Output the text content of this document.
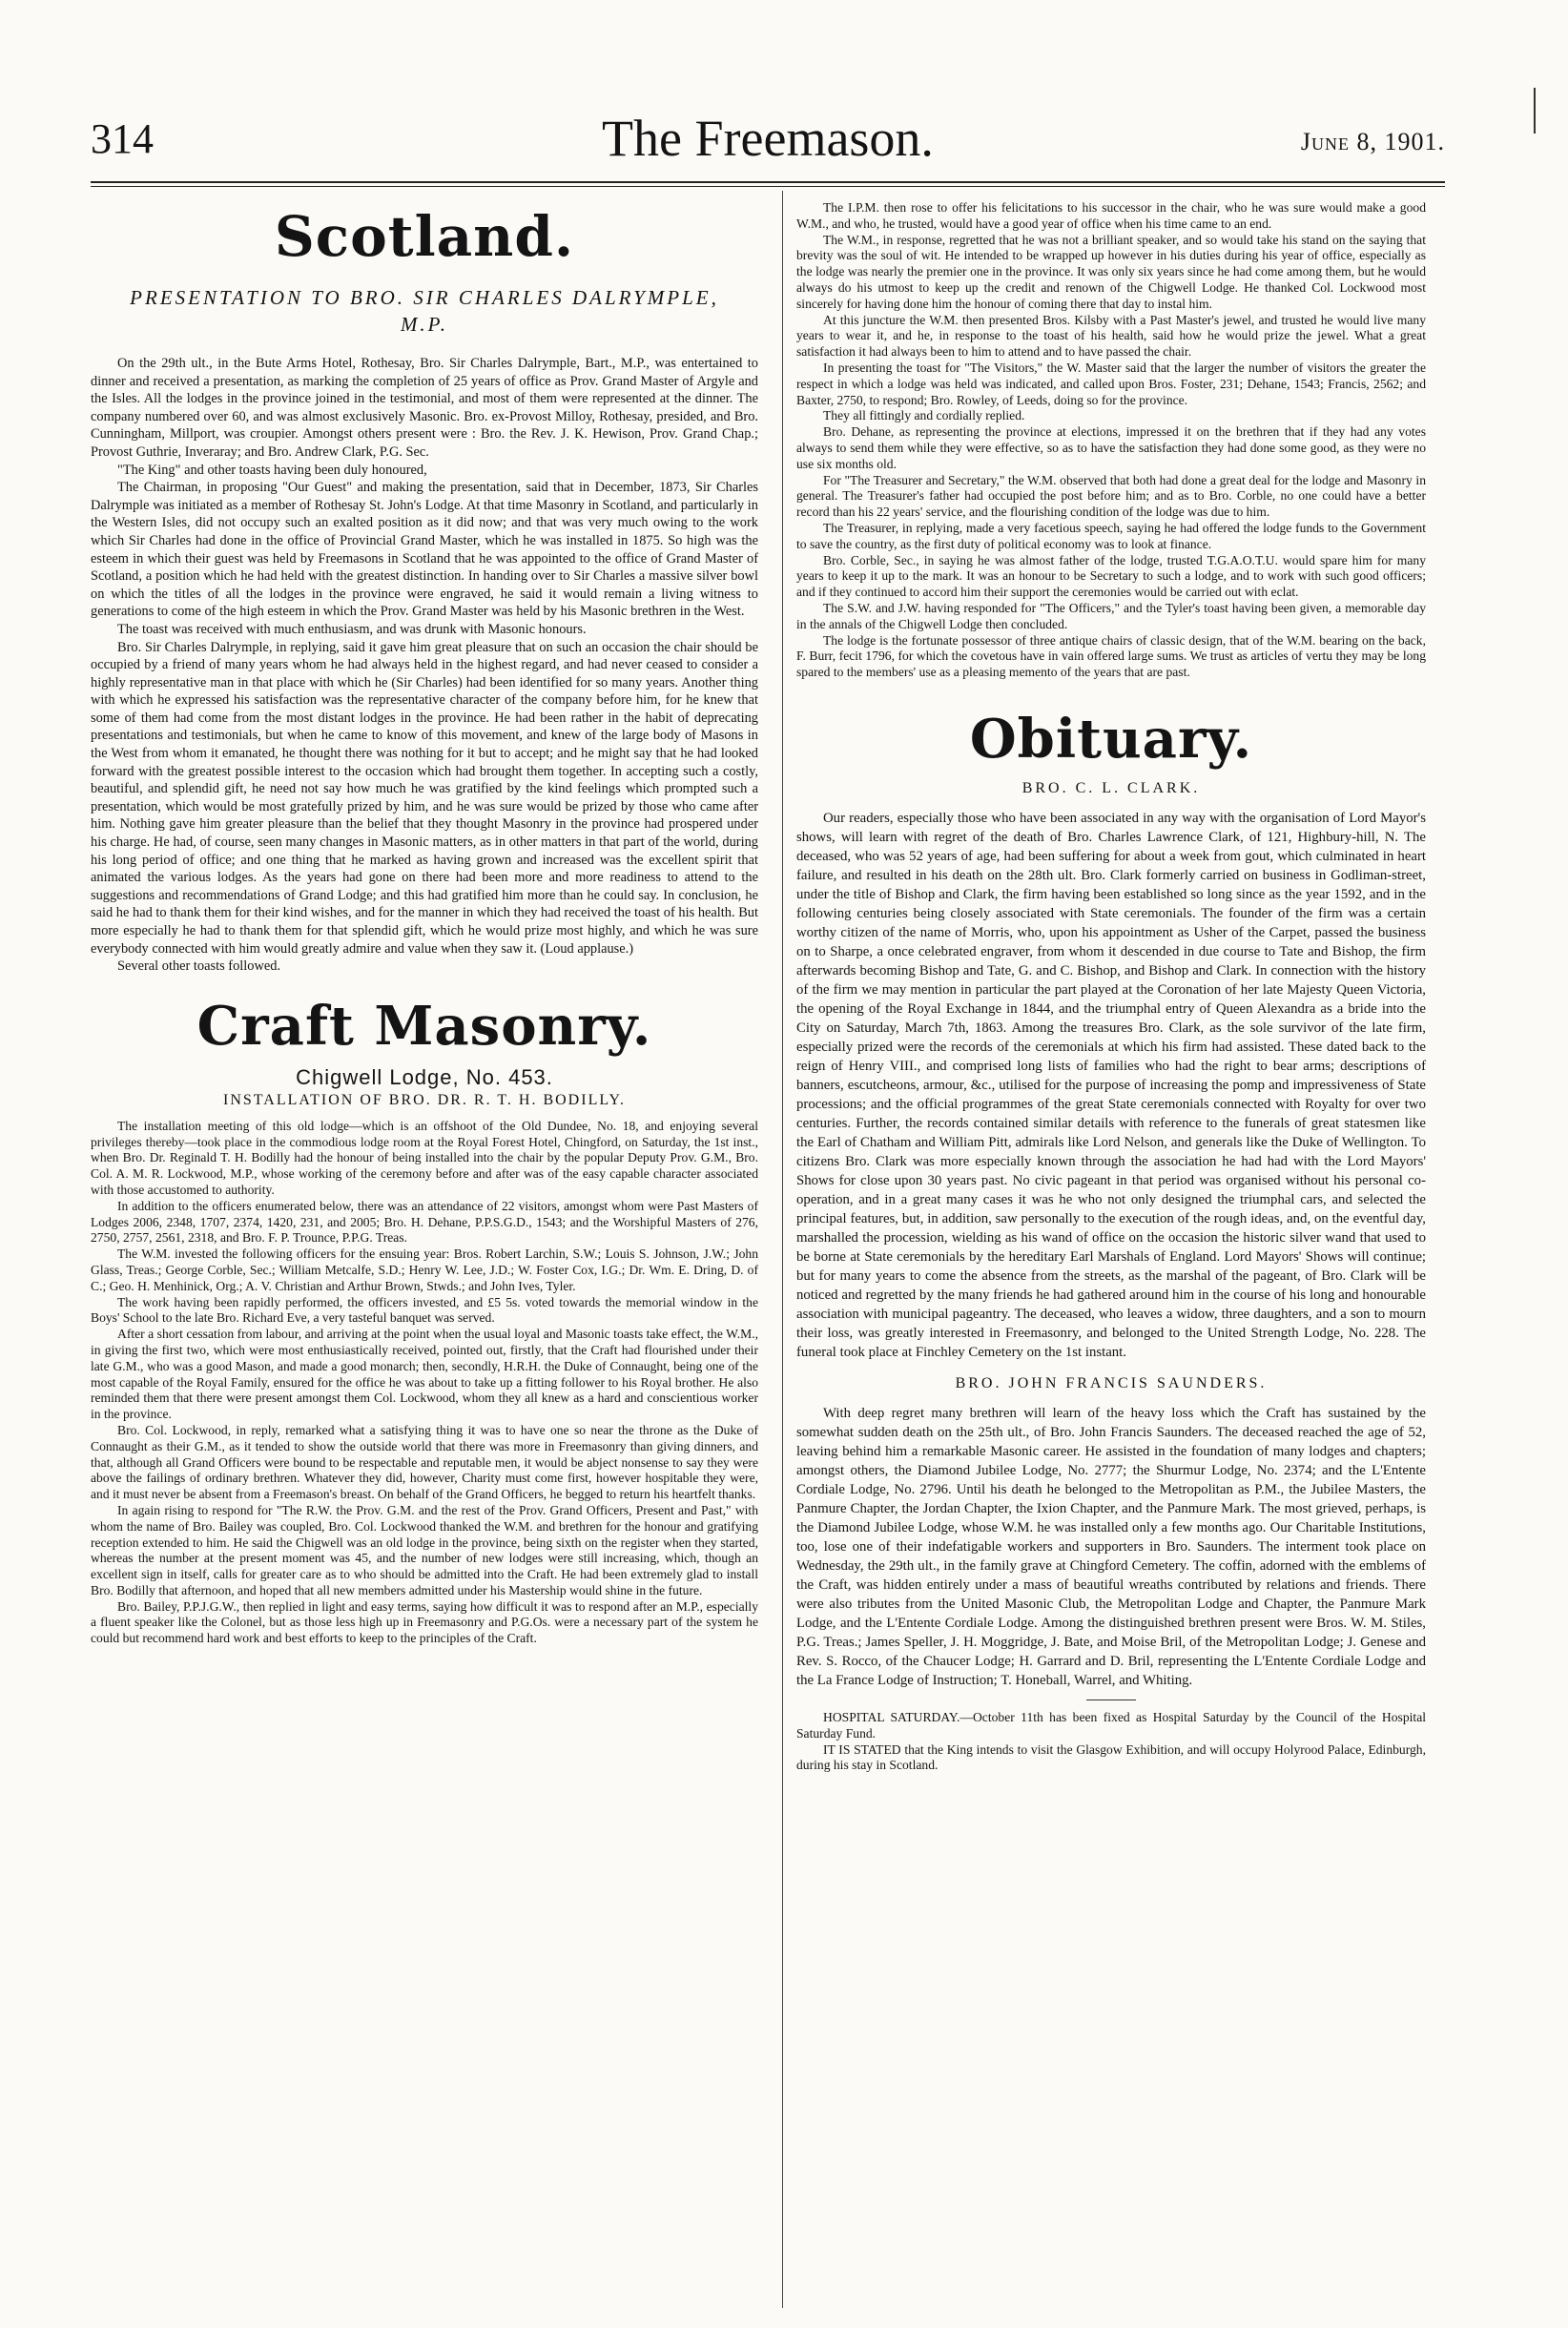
314	The Freemason.	June 8, 1901.
Scotland.
PRESENTATION TO BRO. SIR CHARLES DALRYMPLE, M.P.

On the 29th ult., in the Bute Arms Hotel, Rothesay, Bro. Sir Charles Dalrymple, Bart., M.P., was entertained to dinner and received a presentation, as marking the completion of 25 years of office as Prov. Grand Master of Argyle and the Isles. All the lodges in the province joined in the testimonial, and most of them were represented at the dinner. The company numbered over 60, and was almost exclusively Masonic. Bro. ex-Provost Milloy, Rothesay, presided, and Bro. Cunningham, Millport, was croupier. Amongst others present were : Bro. the Rev. J. K. Hewison, Prov. Grand Chap.; Provost Guthrie, Inveraray; and Bro. Andrew Clark, P.G. Sec.

"The King" and other toasts having been duly honoured,

The Chairman, in proposing "Our Guest" and making the presentation, said that in December, 1873, Sir Charles Dalrymple was initiated as a member of Rothesay St. John's Lodge. At that time Masonry in Scotland, and particularly in the Western Isles, did not occupy such an exalted position as it did now; and that was very much owing to the work which Sir Charles had done in the office of Provincial Grand Master, which he was installed in 1875. So high was the esteem in which their guest was held by Freemasons in Scotland that he was appointed to the office of Grand Master of Scotland, a position which he had held with the greatest distinction. In handing over to Sir Charles a massive silver bowl on which the titles of all the lodges in the province were engraved, he said it would remain a living witness to generations to come of the high esteem in which the Prov. Grand Master was held by his Masonic brethren in the West.

The toast was received with much enthusiasm, and was drunk with Masonic honours.

Bro. Sir Charles Dalrymple, in replying, said it gave him great pleasure that on such an occasion the chair should be occupied by a friend of many years whom he had always held in the highest regard, and had never ceased to consider a highly representative man in that place with which he (Sir Charles) had been identified for so many years. Another thing with which he expressed his satisfaction was the representative character of the company before him, for he knew that some of them had come from the most distant lodges in the province. He had been rather in the habit of deprecating presentations and testimonials, but when he came to know of this movement, and knew of the large body of Masons in the West from whom it emanated, he thought there was nothing for it but to accept; and he might say that he had looked forward with the greatest possible interest to the occasion which had brought them together. In accepting such a costly, beautiful, and splendid gift, he need not say how much he was gratified by the kind feelings which prompted such a presentation, which would be most gratefully prized by him, and he was sure would be prized by those who came after him. Nothing gave him greater pleasure than the belief that they thought Masonry in the province had prospered under his charge. He had, of course, seen many changes in Masonic matters, as in other matters in that part of the world, during his long period of office; and one thing that he marked as having grown and increased was the excellent spirit that animated the various lodges. As the years had gone on there had been more and more readiness to attend to the suggestions and recommendations of Grand Lodge; and this had gratified him more than he could say. In conclusion, he said he had to thank them for their kind wishes, and for the manner in which they had received the toast of his health. But more especially he had to thank them for that splendid gift, which he would prize most highly, and which he was sure everybody connected with him would greatly admire and value when they saw it. (Loud applause.)

Several other toasts followed.

Craft Masonry.
Chigwell Lodge, No. 453.
INSTALLATION OF BRO. DR. R. T. H. BODILLY.

The installation meeting of this old lodge—which is an offshoot of the Old Dundee, No. 18, and enjoying several privileges thereby—took place in the commodious lodge room at the Royal Forest Hotel, Chingford, on Saturday, the 1st inst., when Bro. Dr. Reginald T. H. Bodilly had the honour of being installed into the chair by the popular Deputy Prov. G.M., Bro. Col. A. M. R. Lockwood, M.P., whose working of the ceremony before and after was of the easy capable character associated with those accustomed to authority.

In addition to the officers enumerated below, there was an attendance of 22 visitors, amongst whom were Past Masters of Lodges 2006, 2348, 1707, 2374, 1420, 231, and 2005; Bro. H. Dehane, P.P.S.G.D., 1543; and the Worshipful Masters of 276, 2750, 2757, 2561, 2318, and Bro. F. P. Trounce, P.P.G. Treas.

The W.M. invested the following officers for the ensuing year: Bros. Robert Larchin, S.W.; Louis S. Johnson, J.W.; John Glass, Treas.; George Corble, Sec.; William Metcalfe, S.D.; Henry W. Lee, J.D.; W. Foster Cox, I.G.; Dr. Wm. E. Dring, D. of C.; Geo. H. Menhinick, Org.; A. V. Christian and Arthur Brown, Stwds.; and John Ives, Tyler.

The work having been rapidly performed, the officers invested, and £5 5s. voted towards the memorial window in the Boys' School to the late Bro. Richard Eve, a very tasteful banquet was served.

After a short cessation from labour, and arriving at the point when the usual loyal and Masonic toasts take effect, the W.M., in giving the first two, which were most enthusiastically received, pointed out, firstly, that the Craft had flourished under their late G.M., who was a good Mason, and made a good monarch; then, secondly, H.R.H. the Duke of Connaught, being one of the most capable of the Royal Family, ensured for the office he was about to take up a fitting follower to his Royal brother. He also reminded them that there were present amongst them Col. Lockwood, whom they all knew as a hard and conscientious worker in the province.

Bro. Col. Lockwood, in reply, remarked what a satisfying thing it was to have one so near the throne as the Duke of Connaught as their G.M., as it tended to show the outside world that there was more in Freemasonry than giving dinners, and that, although all Grand Officers were bound to be respectable and reputable men, it would be abject nonsense to say they were above the failings of ordinary brethren. Whatever they did, however, Charity must come first, however hospitable they were, and it must never be absent from a Freemason's breast. On behalf of the Grand Officers, he begged to return his heartfelt thanks.

In again rising to respond for "The R.W. the Prov. G.M. and the rest of the Prov. Grand Officers, Present and Past," with whom the name of Bro. Bailey was coupled, Bro. Col. Lockwood thanked the W.M. and brethren for the honour and gratifying reception extended to him. He said the Chigwell was an old lodge in the province, being sixth on the register when they started, whereas the number at the present moment was 45, and the number of new lodges were still increasing, which, though an excellent sign in itself, calls for greater care as to who should be admitted into the Craft. He had been extremely glad to install Bro. Bodilly that afternoon, and hoped that all new members admitted under his Mastership would shine in the future.

Bro. Bailey, P.P.J.G.W., then replied in light and easy terms, saying how difficult it was to respond after an M.P., especially a fluent speaker like the Colonel, but as those less high up in Freemasonry and P.G.Os. were a necessary part of the system he could but recommend hard work and best efforts to keep to the principles of the Craft.

The I.P.M. then rose to offer his felicitations to his successor in the chair, who he was sure would make a good W.M., and who, he trusted, would have a good year of office when his time came to an end.

The W.M., in response, regretted that he was not a brilliant speaker, and so would take his stand on the saying that brevity was the soul of wit. He intended to be wrapped up however in his duties during his year of office, especially as the lodge was nearly the premier one in the province. It was only six years since he had come among them, but he would always do his utmost to keep up the credit and renown of the Chigwell Lodge. He thanked Col. Lockwood most sincerely for having done him the honour of coming there that day to instal him.

At this juncture the W.M. then presented Bros. Kilsby with a Past Master's jewel, and trusted he would live many years to wear it, and he, in response to the toast of his health, said how he would prize the jewel. What a great satisfaction it had always been to him to attend and to have passed the chair.

In presenting the toast for "The Visitors," the W. Master said that the larger the number of visitors the greater the respect in which a lodge was held was indicated, and called upon Bros. Foster, 231; Dehane, 1543; Francis, 2562; and Baxter, 2750, to respond; Bro. Rowley, of Leeds, doing so for the province.

They all fittingly and cordially replied.

Bro. Dehane, as representing the province at elections, impressed it on the brethren that if they had any votes always to send them while they were effective, so as to have the satisfaction they had done some good, as they were no use six months old.

For "The Treasurer and Secretary," the W.M. observed that both had done a great deal for the lodge and Masonry in general. The Treasurer's father had occupied the post before him; and as to Bro. Corble, no one could have a better record than his 22 years' service, and the flourishing condition of the lodge was due to him.

The Treasurer, in replying, made a very facetious speech, saying he had offered the lodge funds to the Government to save the country, as the first duty of political economy was to look at finance.

Bro. Corble, Sec., in saying he was almost father of the lodge, trusted T.G.A.O.T.U. would spare him for many years to keep it up to the mark. It was an honour to be Secretary to such a lodge, and to work with such good officers; and if they continued to accord him their support the ceremonies would be carried out with eclat.

The S.W. and J.W. having responded for "The Officers," and the Tyler's toast having been given, a memorable day in the annals of the Chigwell Lodge then concluded.

The lodge is the fortunate possessor of three antique chairs of classic design, that of the W.M. bearing on the back, F. Burr, fecit 1796, for which the covetous have in vain offered large sums. We trust as articles of vertu they may be long spared to the members' use as a pleasing memento of the years that are past.

Obituary.
BRO. C. L. CLARK.

Our readers, especially those who have been associated in any way with the organisation of Lord Mayor's shows, will learn with regret of the death of Bro. Charles Lawrence Clark, of 121, Highbury-hill, N. The deceased, who was 52 years of age, had been suffering for about a week from gout, which culminated in heart failure, and resulted in his death on the 28th ult. Bro. Clark formerly carried on business in Godliman-street, under the title of Bishop and Clark, the firm having been established so long since as the year 1592, and in the following centuries being closely associated with State ceremonials. The founder of the firm was a certain worthy citizen of the name of Morris, who, upon his appointment as Usher of the Carpet, passed the business on to Sharpe, a once celebrated engraver, from whom it descended in due course to Tate and Bishop, the firm afterwards becoming Bishop and Tate, G. and C. Bishop, and Bishop and Clark. In connection with the history of the firm we may mention in particular the part played at the Coronation of her late Majesty Queen Victoria, the opening of the Royal Exchange in 1844, and the triumphal entry of Queen Alexandra as a bride into the City on Saturday, March 7th, 1863. Among the treasures Bro. Clark, as the sole survivor of the late firm, especially prized were the records of the ceremonials at which his firm had assisted. These dated back to the reign of Henry VIII., and comprised long lists of families who had the right to bear arms; descriptions of banners, escutcheons, armour, &c., utilised for the purpose of increasing the pomp and impressiveness of State processions; and the official programmes of the great State ceremonials connected with Royalty for over two centuries. Further, the records contained similar details with reference to the funerals of great statesmen like the Earl of Chatham and William Pitt, admirals like Lord Nelson, and generals like the Duke of Wellington. To citizens Bro. Clark was more especially known through the association he had had with the Lord Mayors' Shows for close upon 30 years past. No civic pageant in that period was organised without his personal co-operation, and in a great many cases it was he who not only designed the triumphal cars, and selected the principal features, but, in addition, saw personally to the execution of the rough ideas, and, on the eventful day, marshalled the procession, wielding as his wand of office on the occasion the historic silver wand that used to be borne at State ceremonials by the hereditary Earl Marshals of England. Lord Mayors' Shows will continue; but for many years to come the absence from the streets, as the marshal of the pageant, of Bro. Clark will be noticed and regretted by the many friends he had gathered around him in the course of his long and honourable association with municipal pageantry. The deceased, who leaves a widow, three daughters, and a son to mourn their loss, was greatly interested in Freemasonry, and belonged to the United Strength Lodge, No. 228. The funeral took place at Finchley Cemetery on the 1st instant.

BRO. JOHN FRANCIS SAUNDERS.

With deep regret many brethren will learn of the heavy loss which the Craft has sustained by the somewhat sudden death on the 25th ult., of Bro. John Francis Saunders. The deceased reached the age of 52, leaving behind him a remarkable Masonic career. He assisted in the foundation of many lodges and chapters; amongst others, the Diamond Jubilee Lodge, No. 2777; the Shurmur Lodge, No. 2374; and the L'Entente Cordiale Lodge, No. 2796. Until his death he belonged to the Metropolitan as P.M., the Jubilee Masters, the Panmure Chapter, the Jordan Chapter, the Ixion Chapter, and the Panmure Mark. The most grieved, perhaps, is the Diamond Jubilee Lodge, whose W.M. he was installed only a few months ago. Our Charitable Institutions, too, lose one of their indefatigable workers and supporters in Bro. Saunders. The interment took place on Wednesday, the 29th ult., in the family grave at Chingford Cemetery. The coffin, adorned with the emblems of the Craft, was hidden entirely under a mass of beautiful wreaths contributed by relations and friends. There were also tributes from the United Masonic Club, the Metropolitan Lodge and Chapter, the Panmure Mark Lodge, and the L'Entente Cordiale Lodge. Among the distinguished brethren present were Bros. W. M. Stiles, P.G. Treas.; James Speller, J. H. Moggridge, J. Bate, and Moise Bril, of the Metropolitan Lodge; J. Genese and Rev. S. Rocco, of the Chaucer Lodge; H. Garrard and D. Bril, representing the L'Entente Cordiale Lodge and the La France Lodge of Instruction; T. Honeball, Warrel, and Whiting.

HOSPITAL SATURDAY.—October 11th has been fixed as Hospital Saturday by the Council of the Hospital Saturday Fund.

IT IS STATED that the King intends to visit the Glasgow Exhibition, and will occupy Holyrood Palace, Edinburgh, during his stay in Scotland.
